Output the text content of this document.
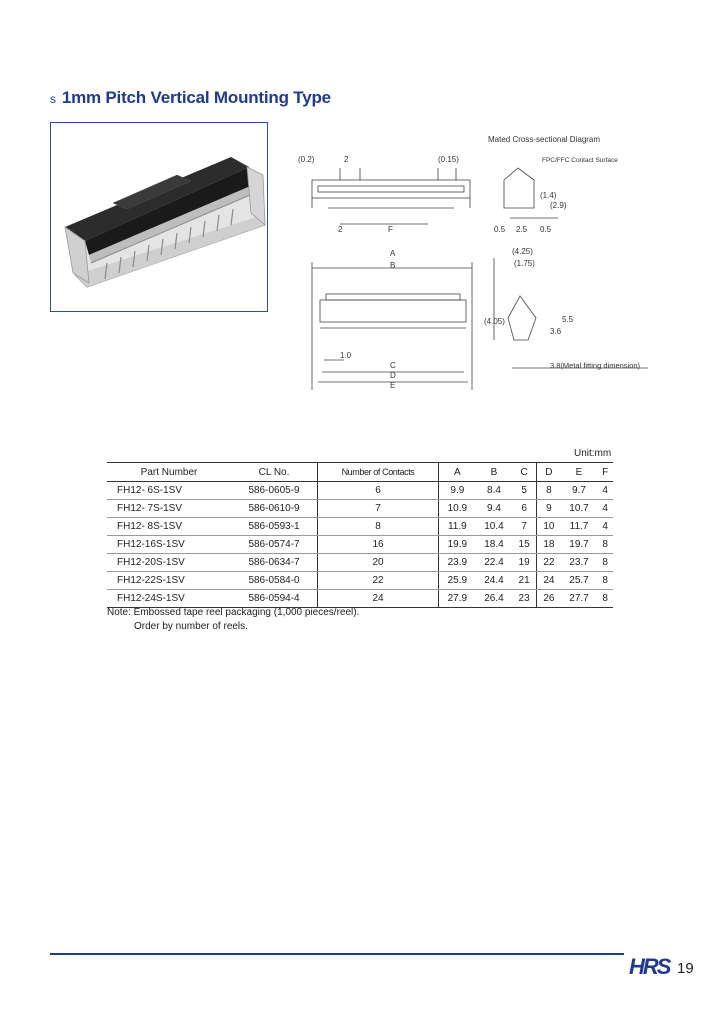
s 1mm Pitch Vertical Mounting Type
Mated Cross-sectional Diagram
FPC/FFC Contact Surface
(0.2)	2	(0.15)
2	F
(1.4)
(2.9)
0.5 2.5 0.5
A
B
C
D
E
1.0
(4.25)
(1.75)
(4.05)
3.6
5.5
3.8(Metal fitting dimension)
Unit:mm
Part Number	CL No.	Number of Contacts	A	B	C	D	E	F
FH12- 6S-1SV	586-0605-9	6	9.9	8.4	5	8	9.7	4
FH12- 7S-1SV	586-0610-9	7	10.9	9.4	6	9	10.7	4
FH12- 8S-1SV	586-0593-1	8	11.9	10.4	7	10	11.7	4
FH12-16S-1SV	586-0574-7	16	19.9	18.4	15	18	19.7	8
FH12-20S-1SV	586-0634-7	20	23.9	22.4	19	22	23.7	8
FH12-22S-1SV	586-0584-0	22	25.9	24.4	21	24	25.7	8
FH12-24S-1SV	586-0594-4	24	27.9	26.4	23	26	27.7	8
Note: Embossed tape reel packaging (1,000 pieces/reel).
Order by number of reels.
HRS 19
